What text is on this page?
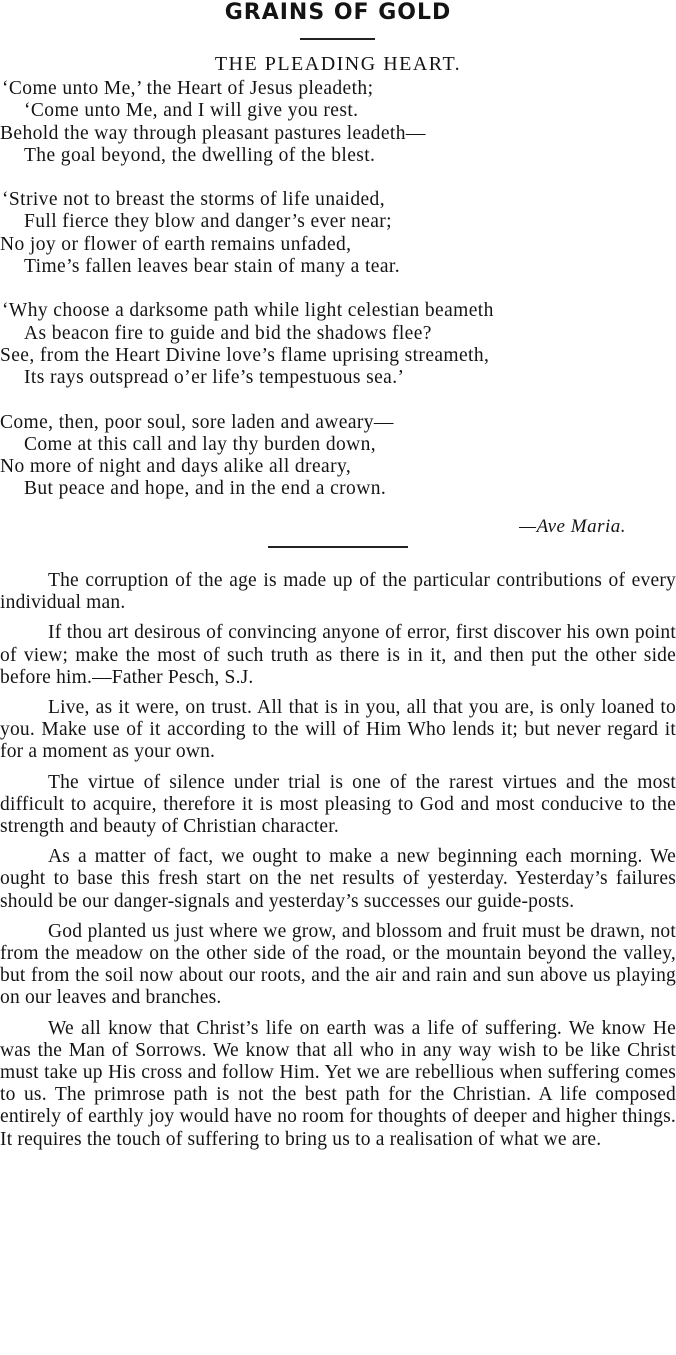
GRAINS OF GOLD
THE PLEADING HEART.
‘Come unto Me,’ the Heart of Jesus pleadeth;
‘Come unto Me, and I will give you rest.
Behold the way through pleasant pastures leadeth—
The goal beyond, the dwelling of the blest.
‘Strive not to breast the storms of life unaided,
Full fierce they blow and danger’s ever near;
No joy or flower of earth remains unfaded,
Time’s fallen leaves bear stain of many a tear.
‘Why choose a darksome path while light celestian beameth
As beacon fire to guide and bid the shadows flee?
See, from the Heart Divine love’s flame uprising streameth,
Its rays outspread o’er life’s tempestuous sea.’
Come, then, poor soul, sore laden and aweary—
Come at this call and lay thy burden down,
No more of night and days alike all dreary,
But peace and hope, and in the end a crown.
—Ave Maria.

The corruption of the age is made up of the particular contributions of every individual man.

If thou art desirous of convincing anyone of error, first discover his own point of view; make the most of such truth as there is in it, and then put the other side before him.—Father Pesch, S.J.

Live, as it were, on trust. All that is in you, all that you are, is only loaned to you. Make use of it according to the will of Him Who lends it; but never regard it for a moment as your own.

The virtue of silence under trial is one of the rarest virtues and the most difficult to acquire, therefore it is most pleasing to God and most conducive to the strength and beauty of Christian character.

As a matter of fact, we ought to make a new beginning each morning. We ought to base this fresh start on the net results of yesterday. Yesterday’s failures should be our danger-signals and yesterday’s successes our guide-posts.

God planted us just where we grow, and blossom and fruit must be drawn, not from the meadow on the other side of the road, or the mountain beyond the valley, but from the soil now about our roots, and the air and rain and sun above us playing on our leaves and branches.

We all know that Christ’s life on earth was a life of suffering. We know He was the Man of Sorrows. We know that all who in any way wish to be like Christ must take up His cross and follow Him. Yet we are rebellious when suffering comes to us. The primrose path is not the best path for the Christian. A life composed entirely of earthly joy would have no room for thoughts of deeper and higher things. It requires the touch of suffering to bring us to a realisation of what we are.
